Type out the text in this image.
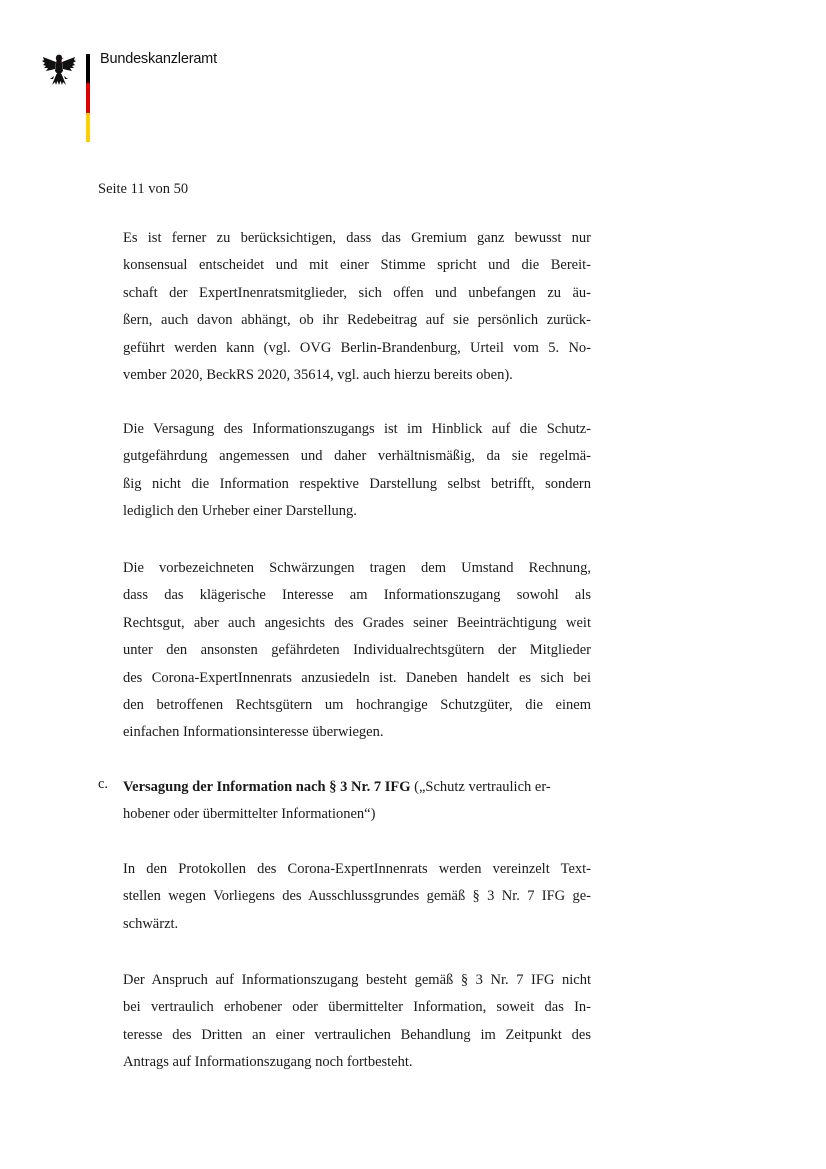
Bundeskanzleramt
Seite 11 von 50
Es ist ferner zu berücksichtigen, dass das Gremium ganz bewusst nur
konsensual entscheidet und mit einer Stimme spricht und die Bereit-
schaft der ExpertInenratsmitglieder, sich offen und unbefangen zu äu-
ßern, auch davon abhängt, ob ihr Redebeitrag auf sie persönlich zurück-
geführt werden kann (vgl. OVG Berlin-Brandenburg, Urteil vom 5. No-
vember 2020, BeckRS 2020, 35614, vgl. auch hierzu bereits oben).
Die Versagung des Informationszugangs ist im Hinblick auf die Schutz-
gutgefährdung angemessen und daher verhältnismäßig, da sie regelmä-
ßig nicht die Information respektive Darstellung selbst betrifft, sondern
lediglich den Urheber einer Darstellung.
Die vorbezeichneten Schwärzungen tragen dem Umstand Rechnung,
dass das klägerische Interesse am Informationszugang sowohl als
Rechtsgut, aber auch angesichts des Grades seiner Beeinträchtigung weit
unter den ansonsten gefährdeten Individualrechtsgütern der Mitglieder
des Corona-ExpertInnenrats anzusiedeln ist. Daneben handelt es sich bei
den betroffenen Rechtsgütern um hochrangige Schutzgüter, die einem
einfachen Informationsinteresse überwiegen.
c. Versagung der Information nach § 3 Nr. 7 IFG („Schutz vertraulich er-
hobener oder übermittelter Informationen“)
In den Protokollen des Corona-ExpertInnenrats werden vereinzelt Text-
stellen wegen Vorliegens des Ausschlussgrundes gemäß § 3 Nr. 7 IFG ge-
schwärzt.
Der Anspruch auf Informationszugang besteht gemäß § 3 Nr. 7 IFG nicht
bei vertraulich erhobener oder übermittelter Information, soweit das In-
teresse des Dritten an einer vertraulichen Behandlung im Zeitpunkt des
Antrags auf Informationszugang noch fortbesteht.
